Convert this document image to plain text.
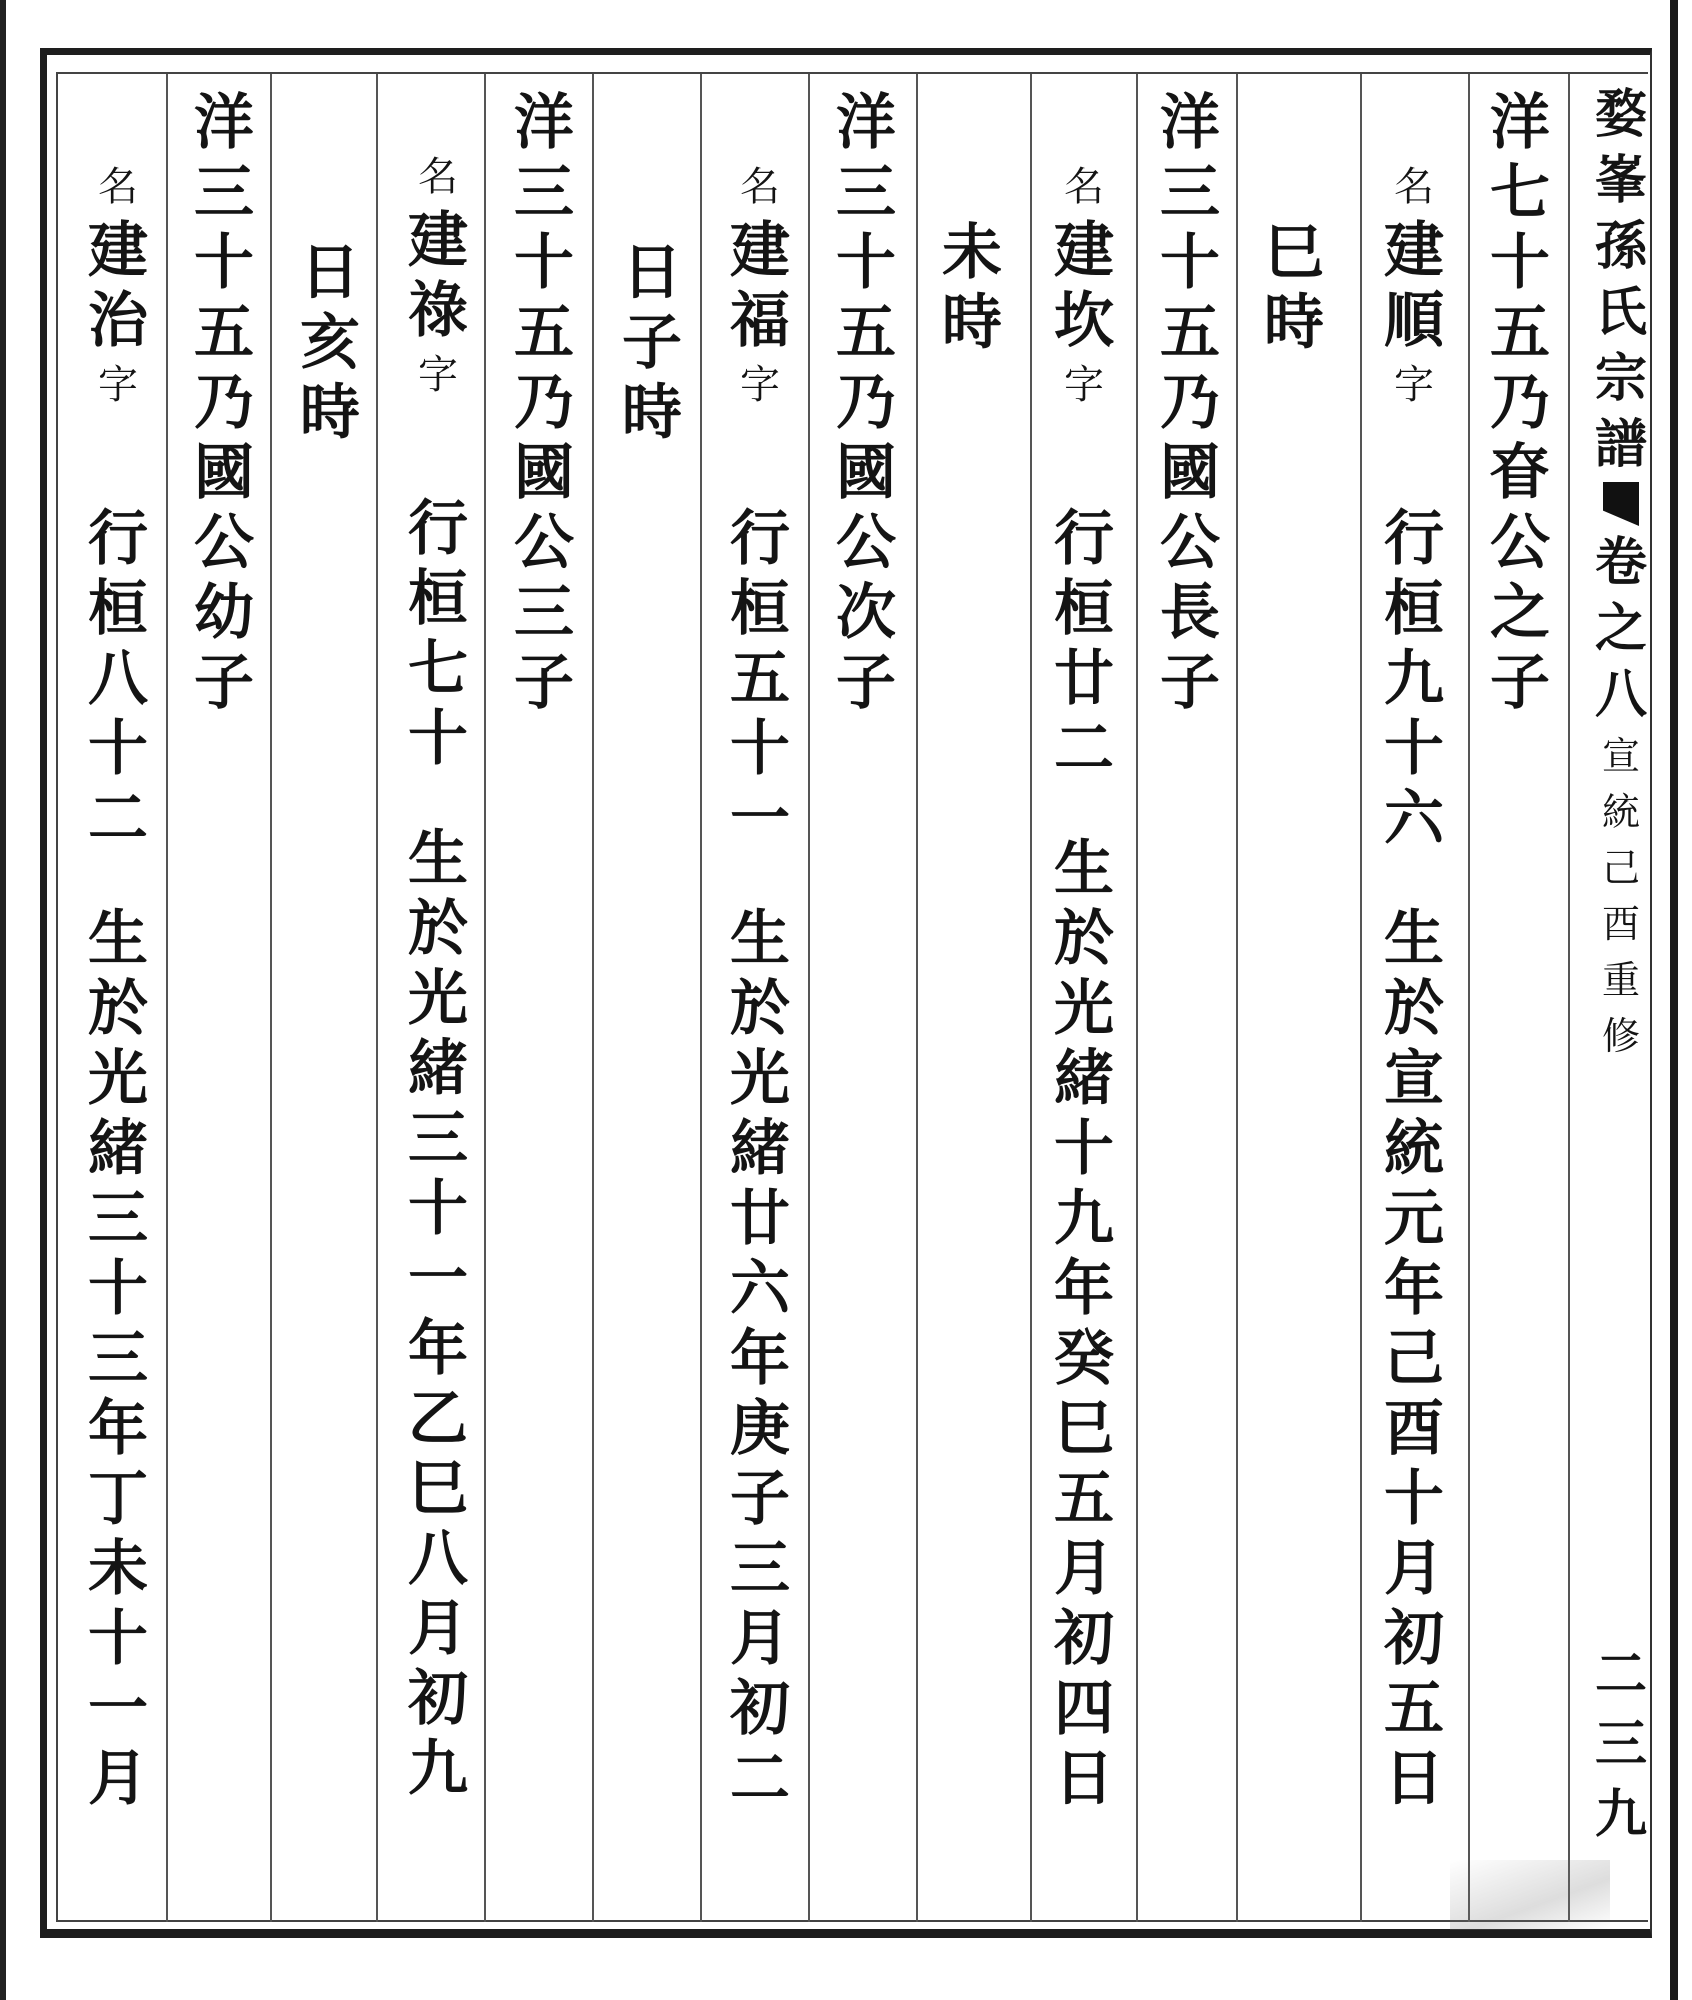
婺
峯
孫
氏
宗
譜
卷
之
八
宣
統
己
酉
重
修
二
三
九
洋
七
十
五
乃
眘
公
之
子
名
建
順
字
行
桓
九
十
六
生
於
宣
統
元
年
己
酉
十
月
初
五
日
巳
時
洋
三
十
五
乃
國
公
長
子
名
建
坎
字
行
桓
廿
二
生
於
光
緒
十
九
年
癸
巳
五
月
初
四
日
未
時
洋
三
十
五
乃
國
公
次
子
名
建
福
字
行
桓
五
十
一
生
於
光
緒
廿
六
年
庚
子
三
月
初
二
日
子
時
洋
三
十
五
乃
國
公
三
子
名
建
祿
字
行
桓
七
十
生
於
光
緒
三
十
一
年
乙
巳
八
月
初
九
日
亥
時
洋
三
十
五
乃
國
公
幼
子
名
建
治
字
行
桓
八
十
二
生
於
光
緒
三
十
三
年
丁
未
十
一
月
